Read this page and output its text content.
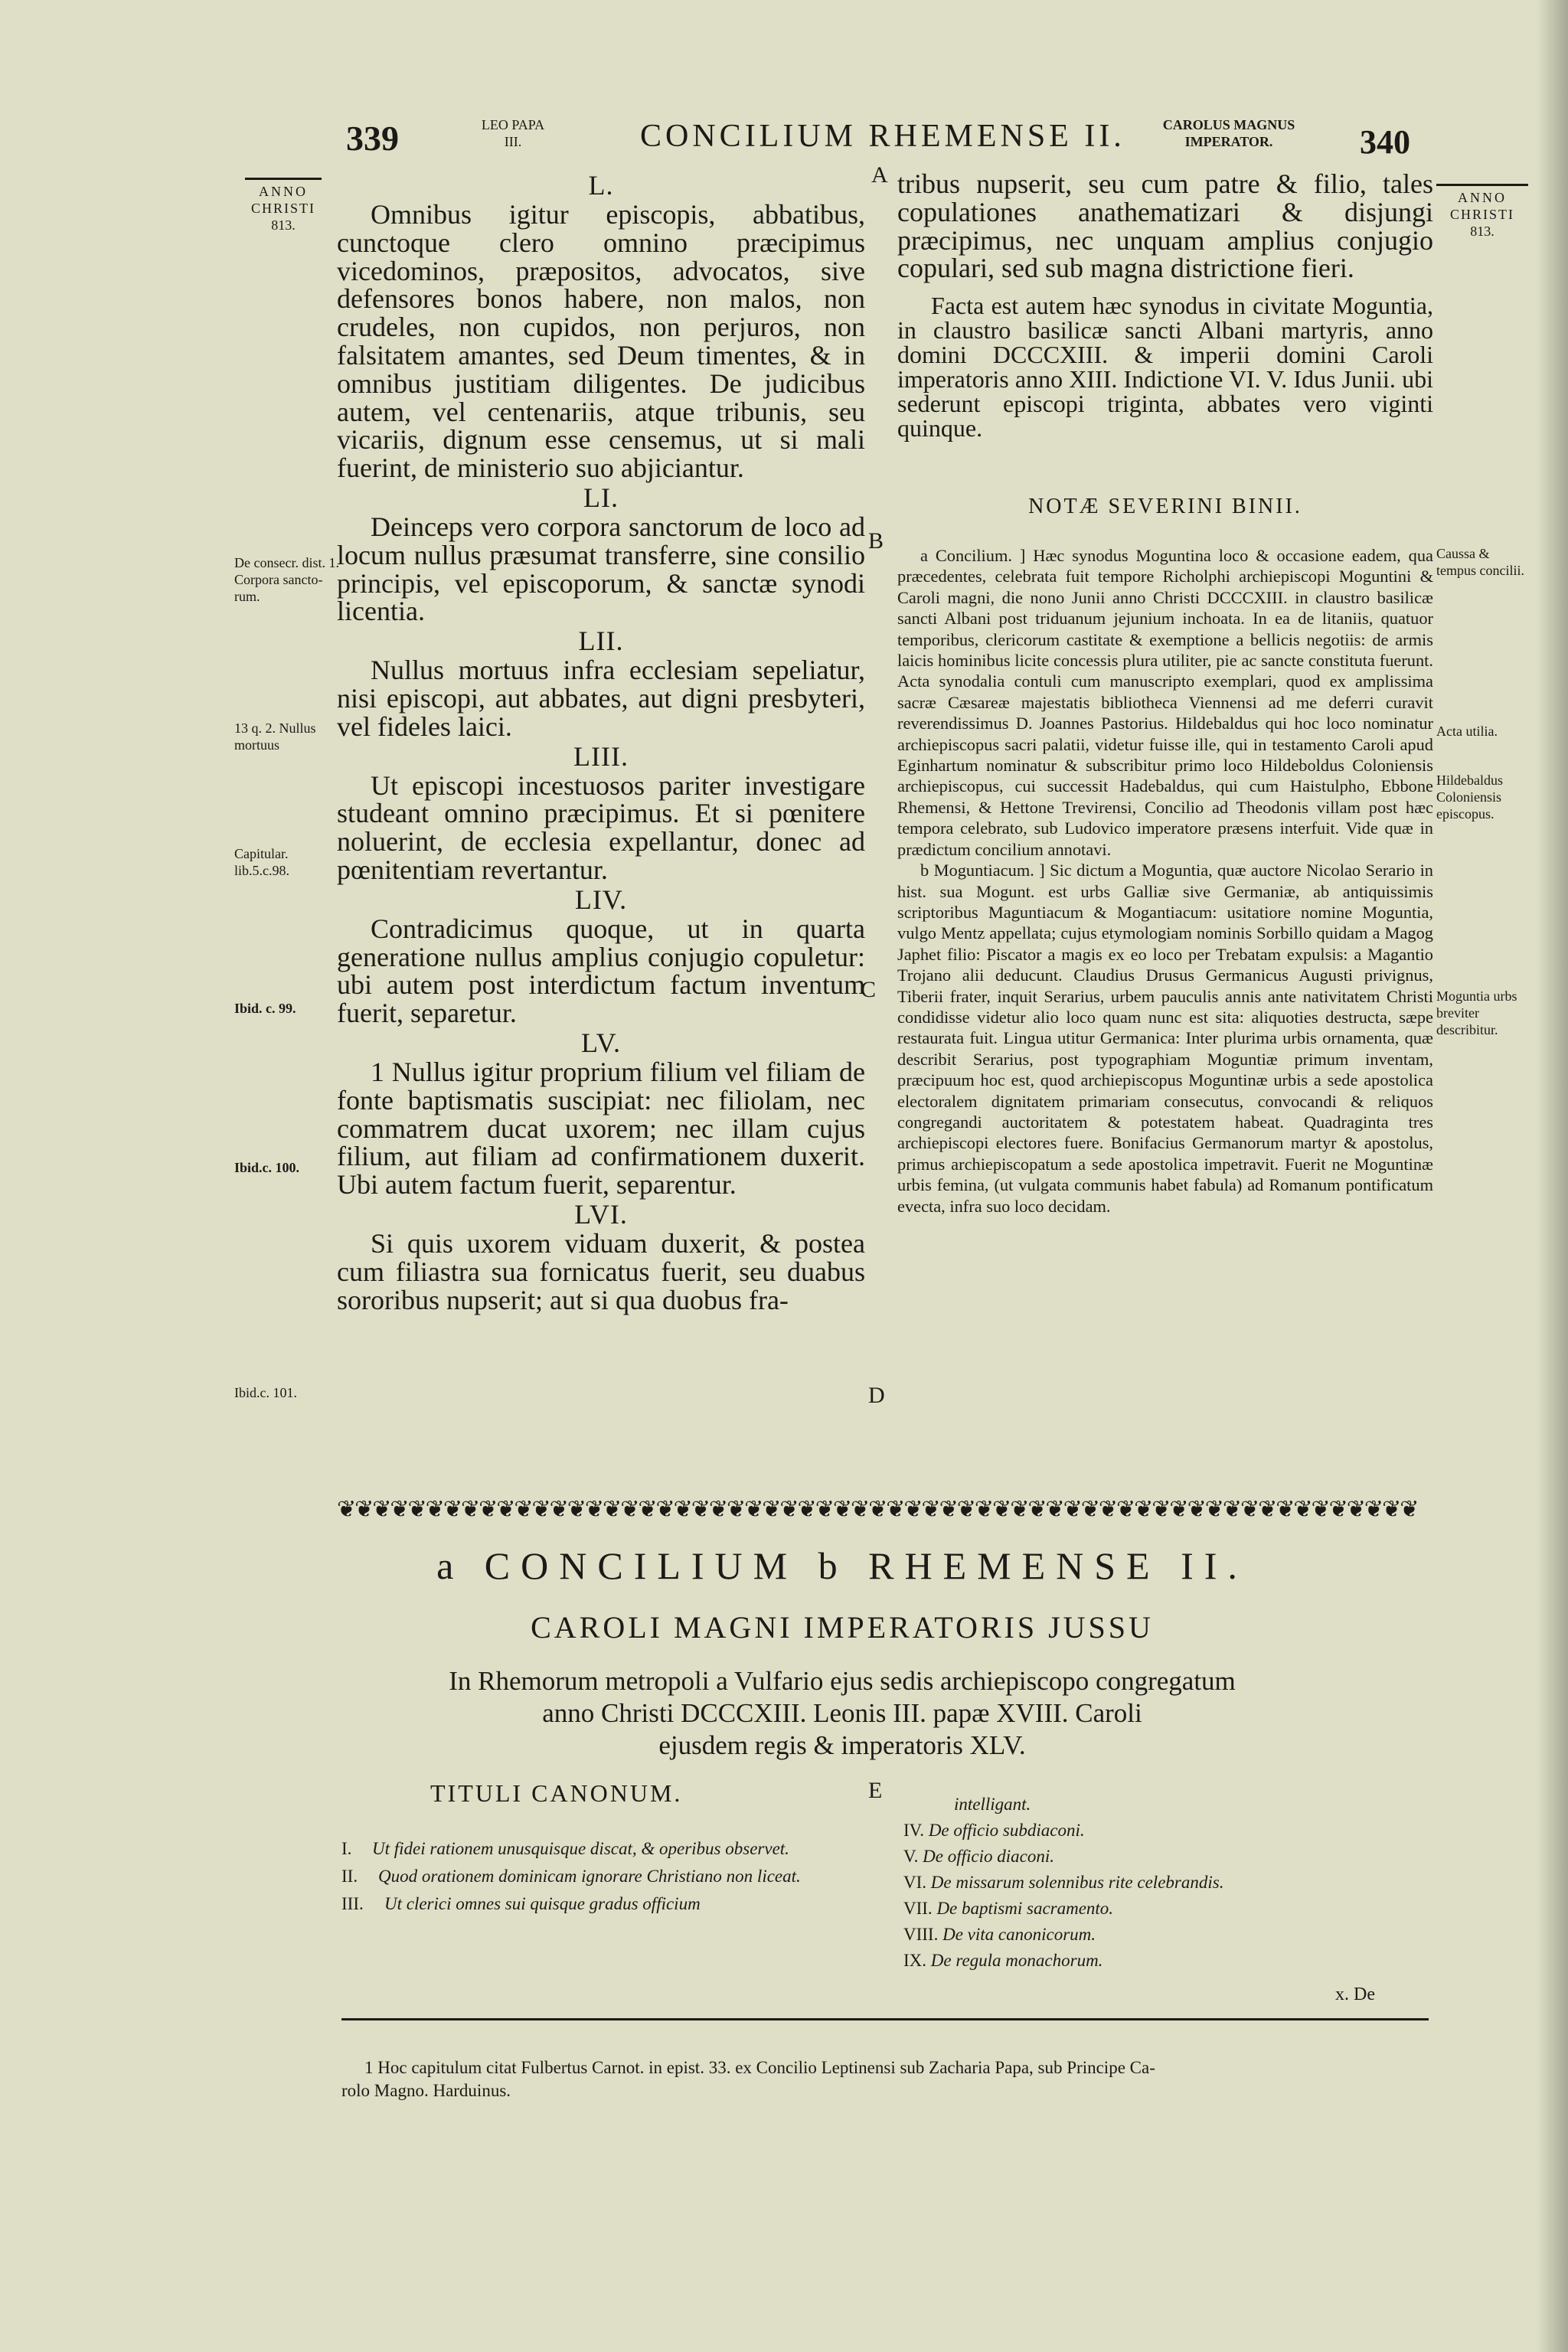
339	LEO PAPA
III.	CONCILIUM RHEMENSE II.	CAROLUS MAGNUS
IMPERATOR.	340
ANNO
CHRISTI
813.
De consecr. dist. 1. Corpora sancto-rum.
13 q. 2. Nullus mortuus
Capitular. lib.5.c.98.
Ibid. c. 99.
Ibid.c. 100.
Ibid.c. 101.
L.

Omnibus igitur episcopis, abbatibus, cunctoque clero omnino præcipimus vicedominos, præpositos, advocatos, sive defensores bonos habere, non malos, non crudeles, non cupidos, non perjuros, non falsitatem amantes, sed Deum timentes, & in omnibus justitiam diligentes. De judicibus autem, vel centenariis, atque tribunis, seu vicariis, dignum esse censemus, ut si mali fuerint, de ministerio suo abjiciantur.

LI.

Deinceps vero corpora sanctorum de loco ad locum nullus præsumat transferre, sine consilio principis, vel episcoporum, & sanctæ synodi licentia.

LII.

Nullus mortuus infra ecclesiam sepeliatur, nisi episcopi, aut abbates, aut digni presbyteri, vel fideles laici.

LIII.

Ut episcopi incestuosos pariter investigare studeant omnino præcipimus. Et si pœnitere noluerint, de ecclesia expellantur, donec ad pœnitentiam revertantur.

LIV.

Contradicimus quoque, ut in quarta generatione nullus amplius conjugio copuletur: ubi autem post interdictum factum inventum fuerit, separetur.

LV.

1 Nullus igitur proprium filium vel filiam de fonte baptismatis suscipiat: nec filiolam, nec commatrem ducat uxorem; nec illam cujus filium, aut filiam ad confirmationem duxerit. Ubi autem factum fuerit, separentur.

LVI.

Si quis uxorem viduam duxerit, & postea cum filiastra sua fornicatus fuerit, seu duabus sororibus nupserit; aut si qua duobus fra-

A
B
C
D

tribus nupserit, seu cum patre & filio, tales copulationes anathematizari & disjungi præcipimus, nec unquam amplius conjugio copulari, sed sub magna districtione fieri.

Facta est autem hæc synodus in civitate Moguntia, in claustro basilicæ sancti Albani martyris, anno domini DCCCXIII. & imperii domini Caroli imperatoris anno XIII. Indictione VI. V. Idus Junii. ubi sederunt episcopi triginta, abbates vero viginti quinque.

NOTÆ SEVERINI BINII.

a Concilium. ] Hæc synodus Moguntina loco & occasione eadem, qua præcedentes, celebrata fuit tempore Richolphi archiepiscopi Moguntini & Caroli magni, die nono Junii anno Christi DCCCXIII. in claustro basilicæ sancti Albani post triduanum jejunium inchoata. In ea de litaniis, quatuor temporibus, clericorum castitate & exemptione a bellicis negotiis: de armis laicis hominibus licite concessis plura utiliter, pie ac sancte constituta fuerunt. Acta synodalia contuli cum manuscripto exemplari, quod ex amplissima sacræ Cæsareæ majestatis bibliotheca Viennensi ad me deferri curavit reverendissimus D. Joannes Pastorius. Hildebaldus qui hoc loco nominatur archiepiscopus sacri palatii, videtur fuisse ille, qui in testamento Caroli apud Eginhartum nominatur & subscribitur primo loco Hildeboldus Coloniensis archiepiscopus, cui successit Hadebaldus, qui cum Haistulpho, Ebbone Rhemensi, & Hettone Trevirensi, Concilio ad Theodonis villam post hæc tempora celebrato, sub Ludovico imperatore præsens interfuit. Vide quæ in prædictum concilium annotavi.

b Moguntiacum. ] Sic dictum a Moguntia, quæ auctore Nicolao Serario in hist. sua Mogunt. est urbs Galliæ sive Germaniæ, ab antiquissimis scriptoribus Maguntiacum & Mogantiacum: usitatiore nomine Moguntia, vulgo Mentz appellata; cujus etymologiam nominis Sorbillo quidam a Magog Japhet filio: Piscator a magis ex eo loco per Trebatam expulsis: a Magantio Trojano alii deducunt. Claudius Drusus Germanicus Augusti privignus, Tiberii frater, inquit Serarius, urbem pauculis annis ante nativitatem Christi condidisse videtur alio loco quam nunc est sita: aliquoties destructa, sæpe restaurata fuit. Lingua utitur Germanica: Inter plurima urbis ornamenta, quæ describit Serarius, post typographiam Moguntiæ primum inventam, præcipuum hoc est, quod archiepiscopus Moguntinæ urbis a sede apostolica electoralem dignitatem primariam consecutus, convocandi & reliquos congregandi auctoritatem & potestatem habeat. Quadraginta tres archiepiscopi electores fuere. Bonifacius Germanorum martyr & apostolus, primus archiepiscopatum a sede apostolica impetravit. Fuerit ne Moguntinæ urbis femina, (ut vulgata communis habet fabula) ad Romanum pontificatum evecta, infra suo loco decidam.

ANNO
CHRISTI
813.
Caussa & tempus concilii.
Acta utilia.
Hildebaldus Coloniensis episcopus.
Moguntia urbs breviter describitur.
❦❦❦❦❦❦❦❦❦❦❦❦❦❦❦❦❦❦❦❦❦❦❦❦❦❦❦❦❦❦❦❦❦❦❦❦❦❦❦❦❦❦❦❦❦❦❦❦❦❦❦❦❦❦❦❦❦❦❦❦❦
a CONCILIUM b RHEMENSE II.
CAROLI MAGNI IMPERATORIS JUSSU
In Rhemorum metropoli a Vulfario ejus sedis archiepiscopo congregatum
anno Christi DCCCXIII. Leonis III. papæ XVIII. Caroli
ejusdem regis & imperatoris XLV.
TITULI CANONUM.	E
I.	Ut fidei rationem unusquisque discat, & operibus observet.
II.	Quod orationem dominicam ignorare Christiano non liceat.
III.	Ut clerici omnes sui quisque gradus officium
intelligant.
IV. De officio subdiaconi.
V. De officio diaconi.
VI. De missarum solennibus rite celebrandis.
VII. De baptismi sacramento.
VIII. De vita canonicorum.
IX. De regula monachorum.
x. De
1 Hoc capitulum citat Fulbertus Carnot. in epist. 33. ex Concilio Leptinensi sub Zacharia Papa, sub Principe Ca-
rolo Magno. Harduinus.
